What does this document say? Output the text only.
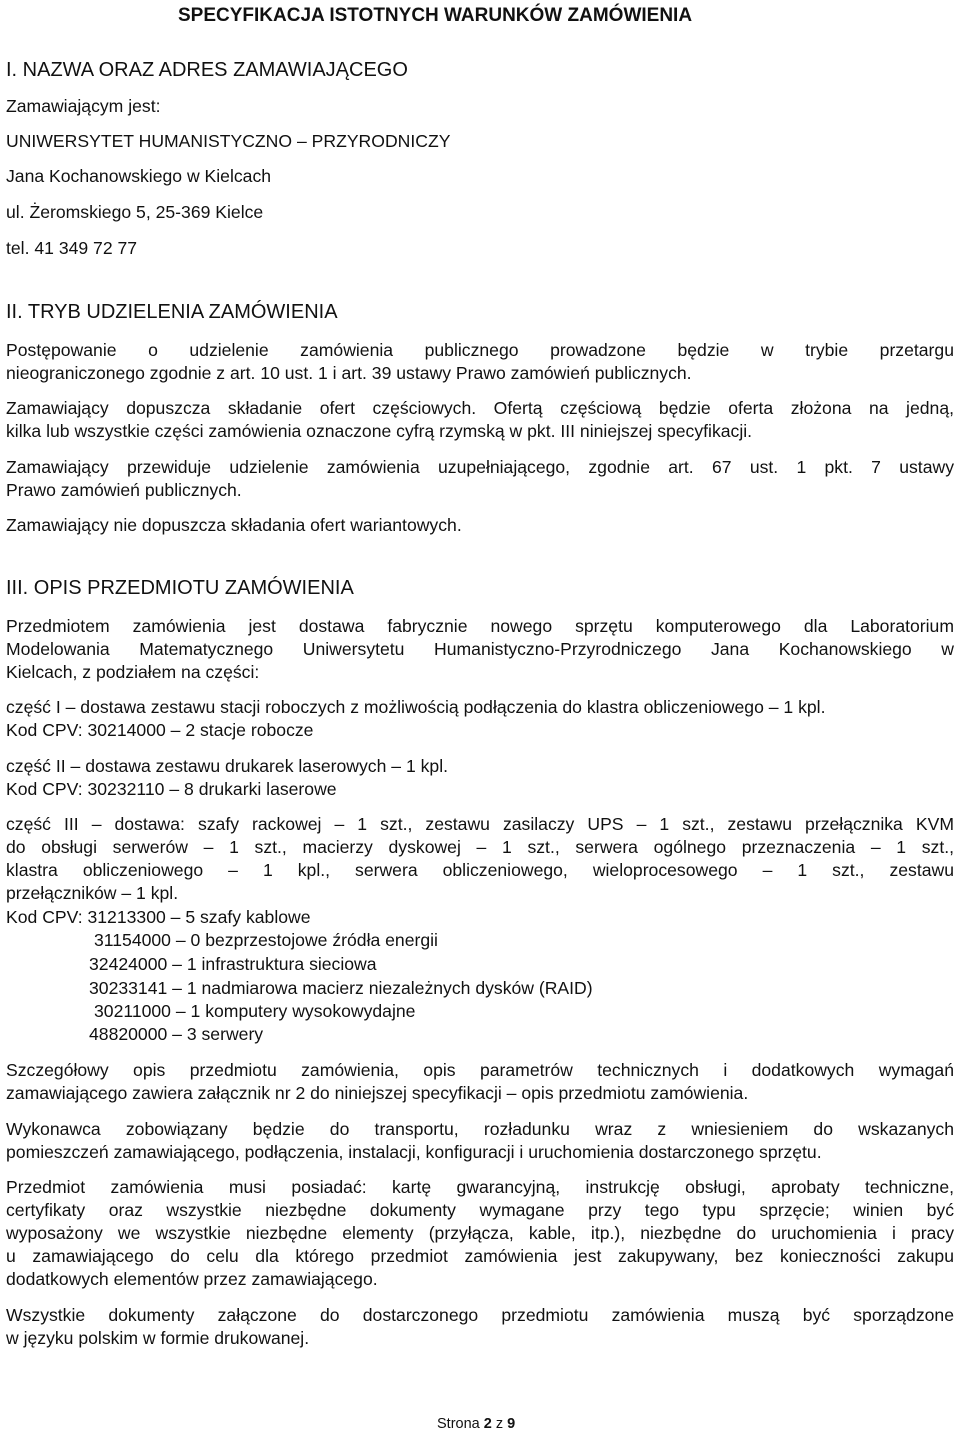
SPECYFIKACJA ISTOTNYCH WARUNKÓW ZAMÓWIENIA
I. NAZWA ORAZ ADRES ZAMAWIAJĄCEGO
Zamawiającym jest:
UNIWERSYTET HUMANISTYCZNO – PRZYRODNICZY
Jana Kochanowskiego w Kielcach
ul. Żeromskiego 5, 25-369 Kielce
tel. 41 349 72 77
II. TRYB UDZIELENIA ZAMÓWIENIA
Postępowanie o udzielenie zamówienia publicznego prowadzone będzie w trybie przetargu
nieograniczonego zgodnie z art. 10 ust. 1 i art. 39 ustawy Prawo zamówień publicznych.
Zamawiający dopuszcza składanie ofert częściowych. Ofertą częściową będzie oferta złożona na jedną,
kilka lub wszystkie części zamówienia oznaczone cyfrą rzymską w pkt. III niniejszej specyfikacji.
Zamawiający przewiduje udzielenie zamówienia uzupełniającego, zgodnie art. 67 ust. 1 pkt. 7 ustawy
Prawo zamówień publicznych.
Zamawiający nie dopuszcza składania ofert wariantowych.
III. OPIS PRZEDMIOTU ZAMÓWIENIA
Przedmiotem zamówienia jest dostawa fabrycznie nowego sprzętu komputerowego dla Laboratorium
Modelowania Matematycznego Uniwersytetu Humanistyczno-Przyrodniczego Jana Kochanowskiego w
Kielcach, z podziałem na części:
część I – dostawa zestawu stacji roboczych z możliwością podłączenia do klastra obliczeniowego – 1 kpl.
Kod CPV: 30214000 – 2 stacje robocze
część II – dostawa zestawu drukarek laserowych – 1 kpl.
Kod CPV: 30232110 – 8 drukarki laserowe
część III – dostawa: szafy rackowej – 1 szt., zestawu zasilaczy UPS – 1 szt., zestawu przełącznika KVM
do obsługi serwerów – 1 szt., macierzy dyskowej – 1 szt., serwera ogólnego przeznaczenia – 1 szt.,
klastra obliczeniowego – 1 kpl., serwera obliczeniowego, wieloprocesowego – 1 szt., zestawu
przełączników – 1 kpl.
Kod CPV: 31213300 – 5 szafy kablowe
31154000 – 0 bezprzestojowe źródła energii
32424000 – 1 infrastruktura sieciowa
30233141 – 1 nadmiarowa macierz niezależnych dysków (RAID)
30211000 – 1 komputery wysokowydajne
48820000 – 3 serwery
Szczegółowy opis przedmiotu zamówienia, opis parametrów technicznych i dodatkowych wymagań
zamawiającego zawiera załącznik nr 2 do niniejszej specyfikacji – opis przedmiotu zamówienia.
Wykonawca zobowiązany będzie do transportu, rozładunku wraz z wniesieniem do wskazanych
pomieszczeń zamawiającego, podłączenia, instalacji, konfiguracji i uruchomienia dostarczonego sprzętu.
Przedmiot zamówienia musi posiadać: kartę gwarancyjną, instrukcję obsługi, aprobaty techniczne,
certyfikaty oraz wszystkie niezbędne dokumenty wymagane przy tego typu sprzęcie; winien być
wyposażony we wszystkie niezbędne elementy (przyłącza, kable, itp.), niezbędne do uruchomienia i pracy
u zamawiającego do celu dla którego przedmiot zamówienia jest zakupywany, bez konieczności zakupu
dodatkowych elementów przez zamawiającego.
Wszystkie dokumenty załączone do dostarczonego przedmiotu zamówienia muszą być sporządzone
w języku polskim w formie drukowanej.
Strona 2 z 9
